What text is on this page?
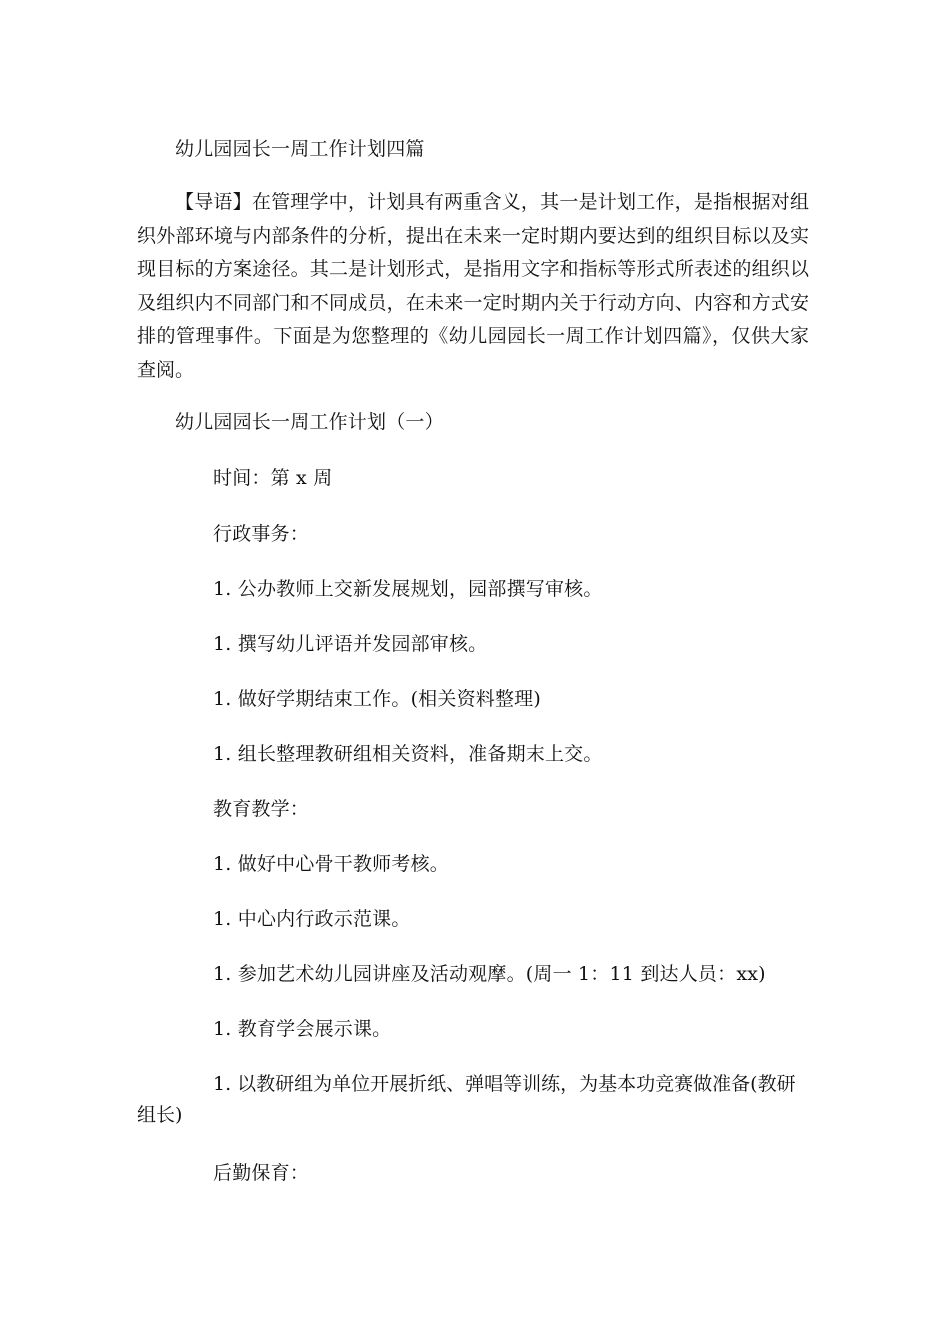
幼儿园园长一周工作计划四篇
【导语】在管理学中，计划具有两重含义，其一是计划工作，是指根据对组织外部环境与内部条件的分析，提出在未来一定时期内要达到的组织目标以及实现目标的方案途径。其二是计划形式，是指用文字和指标等形式所表述的组织以及组织内不同部门和不同成员，在未来一定时期内关于行动方向、内容和方式安排的管理事件。下面是为您整理的《幼儿园园长一周工作计划四篇》，仅供大家查阅。
幼儿园园长一周工作计划（一）
时间：第 x 周
行政事务：
1. 公办教师上交新发展规划，园部撰写审核。
1. 撰写幼儿评语并发园部审核。
1. 做好学期结束工作。(相关资料整理)
1. 组长整理教研组相关资料，准备期末上交。
教育教学：
1. 做好中心骨干教师考核。
1. 中心内行政示范课。
1. 参加艺术幼儿园讲座及活动观摩。(周一 1：11 到达人员：xx)
1. 教育学会展示课。
1. 以教研组为单位开展折纸、弹唱等训练，为基本功竞赛做准备(教研组长)
后勤保育：
